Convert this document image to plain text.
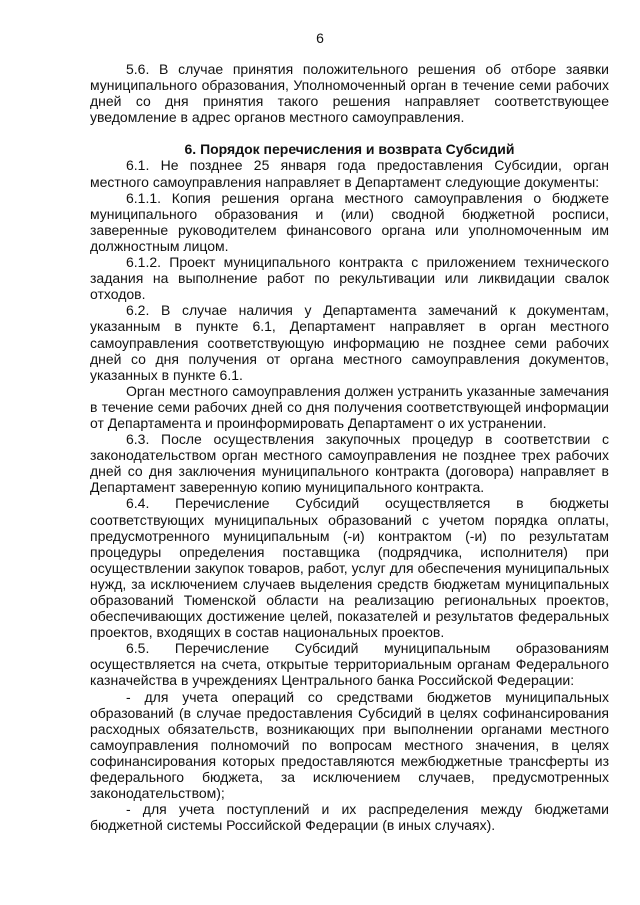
6

5.6. В случае принятия положительного решения об отборе заявки муниципального образования, Уполномоченный орган в течение семи рабочих дней со дня принятия такого решения направляет соответствующее уведомление в адрес органов местного самоуправления.

6. Порядок перечисления и возврата Субсидий

6.1. Не позднее 25 января года предоставления Субсидии, орган местного самоуправления направляет в Департамент следующие документы:

6.1.1. Копия решения органа местного самоуправления о бюджете муниципального образования и (или) сводной бюджетной росписи, заверенные руководителем финансового органа или уполномоченным им должностным лицом.

6.1.2. Проект муниципального контракта с приложением технического задания на выполнение работ по рекультивации или ликвидации свалок отходов.

6.2. В случае наличия у Департамента замечаний к документам, указанным в пункте 6.1, Департамент направляет в орган местного самоуправления соответствующую информацию не позднее семи рабочих дней со дня получения от органа местного самоуправления документов, указанных в пункте 6.1.

Орган местного самоуправления должен устранить указанные замечания в течение семи рабочих дней со дня получения соответствующей информации от Департамента и проинформировать Департамент о их устранении.

6.3. После осуществления закупочных процедур в соответствии с законодательством орган местного самоуправления не позднее трех рабочих дней со дня заключения муниципального контракта (договора) направляет в Департамент заверенную копию муниципального контракта.

6.4. Перечисление Субсидий осуществляется в бюджеты соответствующих муниципальных образований с учетом порядка оплаты, предусмотренного муниципальным (-и) контрактом (-и) по результатам процедуры определения поставщика (подрядчика, исполнителя) при осуществлении закупок товаров, работ, услуг для обеспечения муниципальных нужд, за исключением случаев выделения средств бюджетам муниципальных образований Тюменской области на реализацию региональных проектов, обеспечивающих достижение целей, показателей и результатов федеральных проектов, входящих в состав национальных проектов.

6.5. Перечисление Субсидий муниципальным образованиям осуществляется на счета, открытые территориальным органам Федерального казначейства в учреждениях Центрального банка Российской Федерации:

- для учета операций со средствами бюджетов муниципальных образований (в случае предоставления Субсидий в целях софинансирования расходных обязательств, возникающих при выполнении органами местного самоуправления полномочий по вопросам местного значения, в целях софинансирования которых предоставляются межбюджетные трансферты из федерального бюджета, за исключением случаев, предусмотренных законодательством);

- для учета поступлений и их распределения между бюджетами бюджетной системы Российской Федерации (в иных случаях).
